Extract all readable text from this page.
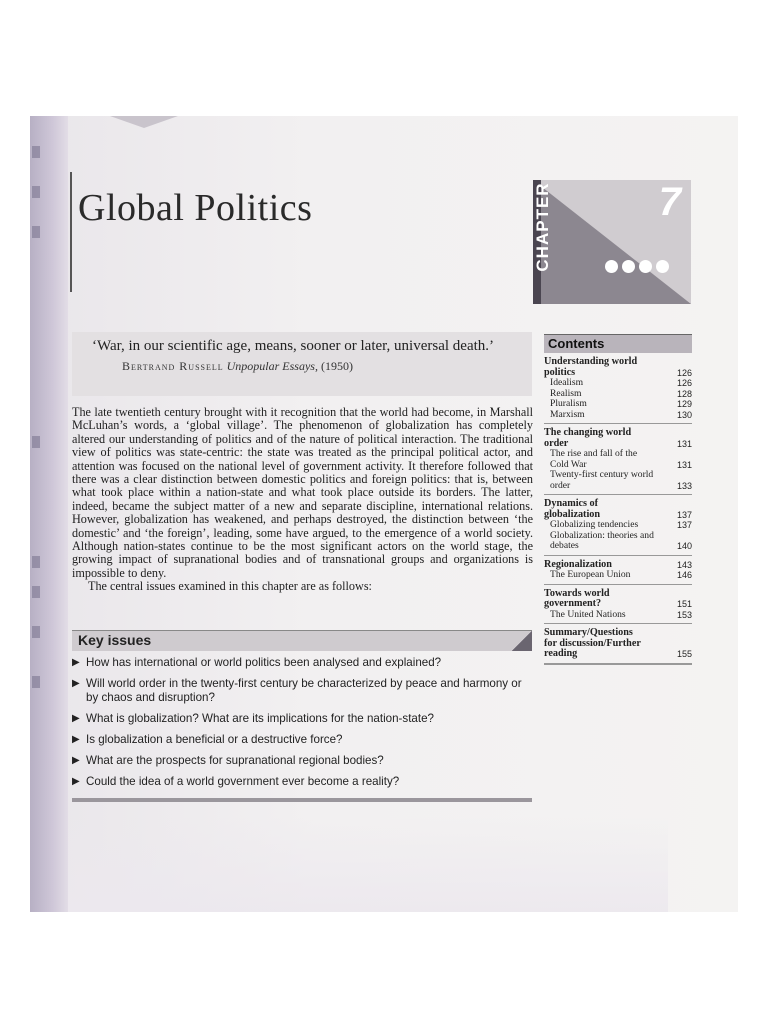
Global Politics	7
CHAPTER
‘War, in our scientific age, means, sooner or later, universal death.’
Bertrand Russell Unpopular Essays, (1950)

The late twentieth century brought with it recognition that the world had become, in Marshall McLuhan’s words, a ‘global village’. The phenomenon of globalization has completely altered our understanding of politics and of the nature of political interaction. The traditional view of politics was state-centric: the state was treated as the principal political actor, and attention was focused on the national level of government activity. It therefore followed that there was a clear distinction between domestic politics and foreign politics: that is, between what took place within a nation-state and what took place outside its borders. The latter, indeed, became the subject matter of a new and separate discipline, international relations. However, globalization has weakened, and perhaps destroyed, the distinction between ‘the domestic’ and ‘the foreign’, leading, some have argued, to the emergence of a world society. Although nation-states continue to be the most significant actors on the world stage, the growing impact of supranational bodies and of transnational groups and organizations is impossible to deny.

The central issues examined in this chapter are as follows:

Key issues
▶ How has international or world politics been analysed and explained?
▶ Will world order in the twenty-first century be characterized by peace and harmony or by chaos and disruption?
▶ What is globalization? What are its implications for the nation-state?
▶ Is globalization a beneficial or a destructive force?
▶ What are the prospects for supranational regional bodies?
▶ Could the idea of a world government ever become a reality?
Contents
Understanding world
politics	126
Idealism	126
Realism	128
Pluralism	129
Marxism	130
The changing world
order	131
The rise and fall of the
Cold War	131
Twenty-first century world
order	133
Dynamics of
globalization	137
Globalizing tendencies	137
Globalization: theories and
debates	140
Regionalization	143
The European Union	146
Towards world
government?	151
The United Nations	153
Summary/Questions
for discussion/Further
reading	155
